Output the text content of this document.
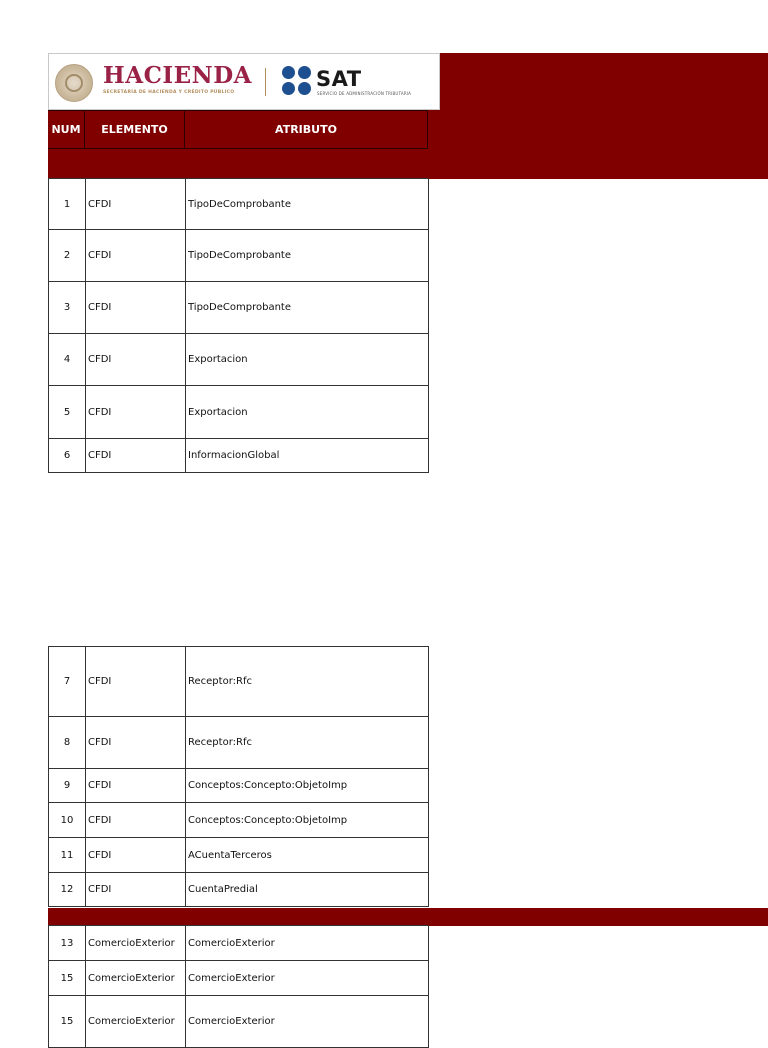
HACIENDA
SECRETARÍA DE HACIENDA Y CRÉDITO PÚBLICO
SAT
SERVICIO DE ADMINISTRACIÓN TRIBUTARIA
NUM	ELEMENTO	ATRIBUTO
1	CFDI	TipoDeComprobante
2	CFDI	TipoDeComprobante
3	CFDI	TipoDeComprobante
4	CFDI	Exportacion
5	CFDI	Exportacion
6	CFDI	InformacionGlobal
7	CFDI	Receptor:Rfc
8	CFDI	Receptor:Rfc
9	CFDI	Conceptos:Concepto:ObjetoImp
10	CFDI	Conceptos:Concepto:ObjetoImp
11	CFDI	ACuentaTerceros
12	CFDI	CuentaPredial
13	ComercioExterior	ComercioExterior
15	ComercioExterior	ComercioExterior
15	ComercioExterior	ComercioExterior
